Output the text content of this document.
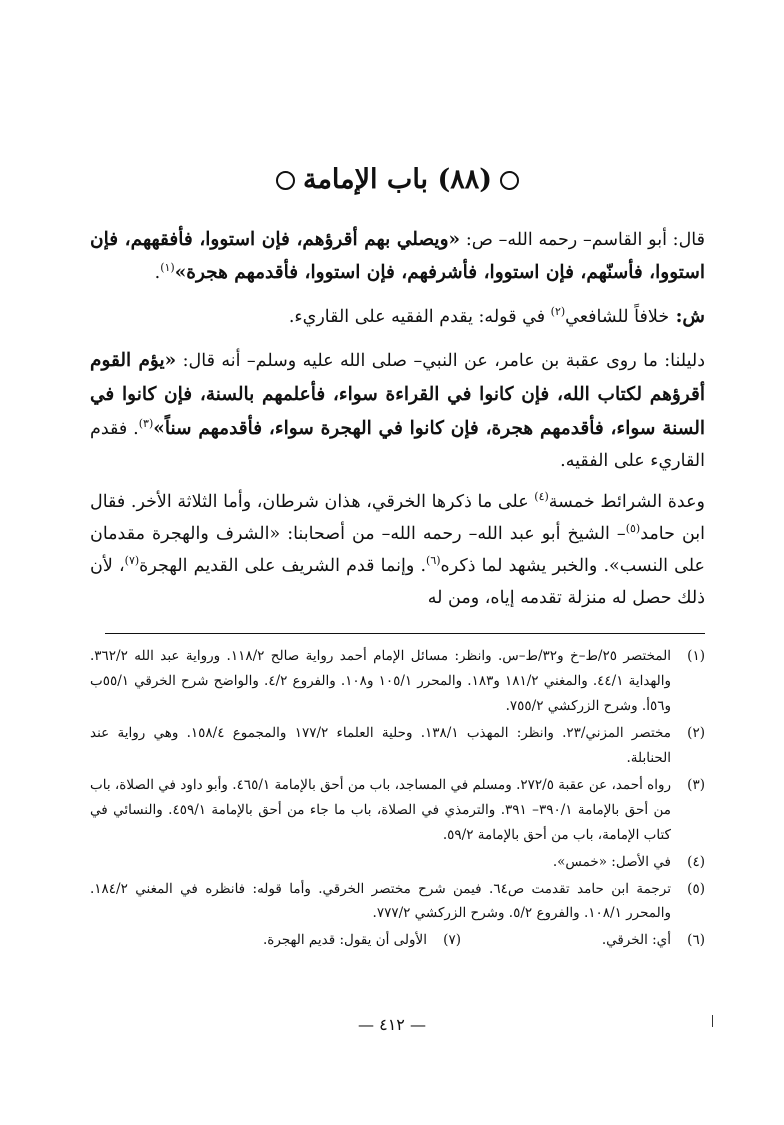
(٨٨) باب الإمامة

قال: أبو القاسم– رحمه الله– ص: «ويصلي بهم أقرؤهم، فإن استووا، فأفقههم، فإن استووا، فأسنّهم، فإن استووا، فأشرفهم، فإن استووا، فأقدمهم هجرة»$^{(١)}$.

ش: خلافاً للشافعي$^{(٢)}$ في قوله: يقدم الفقيه على القاريء.

دليلنا: ما روى عقبة بن عامر، عن النبي– صلى الله عليه وسلم– أنه قال: «يؤم القوم أقرؤهم لكتاب الله، فإن كانوا في القراءة سواء، فأعلمهم بالسنة، فإن كانوا في السنة سواء، فأقدمهم هجرة، فإن كانوا في الهجرة سواء، فأقدمهم سناً»$^{(٣)}$. فقدم القاريء على الفقيه.

وعدة الشرائط خمسة$^{(٤)}$ على ما ذكرها الخرقي، هذان شرطان، وأما الثلاثة الأخر. فقال ابن حامد$^{(٥)}$– الشيخ أبو عبد الله– رحمه الله– من أصحابنا: «الشرف والهجرة مقدمان على النسب». والخبر يشهد لما ذكره$^{(٦)}$. وإنما قدم الشريف على القديم الهجرة$^{(٧)}$، لأن ذلك حصل له منزلة تقدمه إياه، ومن له

(١)
المختصر ٢٥/ط–خ و٣٢/ط–س. وانظر: مسائل الإمام أحمد رواية صالح ١١٨/٢. ورواية عبد الله ٣٦٢/٢. والهداية ٤٤/١. والمغني ١٨١/٢ و١٨٣. والمحرر ١٠٥/١ و١٠٨. والفروع ٤/٢. والواضح شرح الخرقي ٥٥/١ب و٥٦أ. وشرح الزركشي ٧٥٥/٢.
(٢)
مختصر المزني/٢٣. وانظر: المهذب ١٣٨/١. وحلية العلماء ١٧٧/٢ والمجموع ١٥٨/٤. وهي رواية عند الحنابلة.
(٣)
رواه أحمد، عن عقبة ٢٧٢/٥. ومسلم في المساجد، باب من أحق بالإمامة ٤٦٥/١. وأبو داود في الصلاة، باب من أحق بالإمامة ٣٩٠/١– ٣٩١. والترمذي في الصلاة، باب ما جاء من أحق بالإمامة ٤٥٩/١. والنسائي في كتاب الإمامة، باب من أحق بالإمامة ٥٩/٢.
(٤)
في الأصل: «خمس».
(٥)
ترجمة ابن حامد تقدمت ص٦٤. فيمن شرح مختصر الخرقي. وأما قوله: فانظره في المغني ١٨٤/٢. والمحرر ١٠٨/١. والفروع ٥/٢. وشرح الزركشي ٧٧٧/٢.
(٦)
أي: الخرقي.
(٧)
الأولى أن يقول: قديم الهجرة.
— ٤١٢ —
